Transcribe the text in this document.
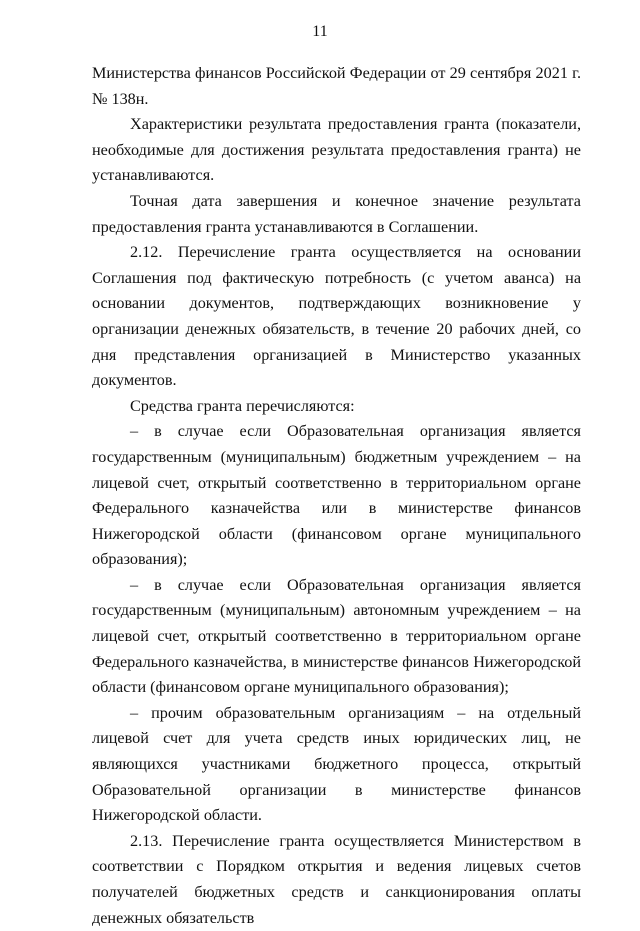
11

Министерства финансов Российской Федерации от 29 сентября 2021 г. № 138н.

Характеристики результата предоставления гранта (показатели, необходимые для достижения результата предоставления гранта) не устанавливаются.

Точная дата завершения и конечное значение результата предоставления гранта устанавливаются в Соглашении.

2.12. Перечисление гранта осуществляется на основании Соглашения под фактическую потребность (с учетом аванса) на основании документов, подтверждающих возникновение у организации денежных обязательств, в течение 20 рабочих дней, со дня представления организацией в Министерство указанных документов.

Средства гранта перечисляются:

– в случае если Образовательная организация является государственным (муниципальным) бюджетным учреждением – на лицевой счет, открытый соответственно в территориальном органе Федерального казначейства или в министерстве финансов Нижегородской области (финансовом органе муниципального образования);

– в случае если Образовательная организация является государственным (муниципальным) автономным учреждением – на лицевой счет, открытый соответственно в территориальном органе Федерального казначейства, в министерстве финансов Нижегородской области (финансовом органе муниципального образования);

– прочим образовательным организациям – на отдельный лицевой счет для учета средств иных юридических лиц, не являющихся участниками бюджетного процесса, открытый Образовательной организации в министерстве финансов Нижегородской области.

2.13. Перечисление гранта осуществляется Министерством в соответствии с Порядком открытия и ведения лицевых счетов получателей бюджетных средств и санкционирования оплаты денежных обязательств
